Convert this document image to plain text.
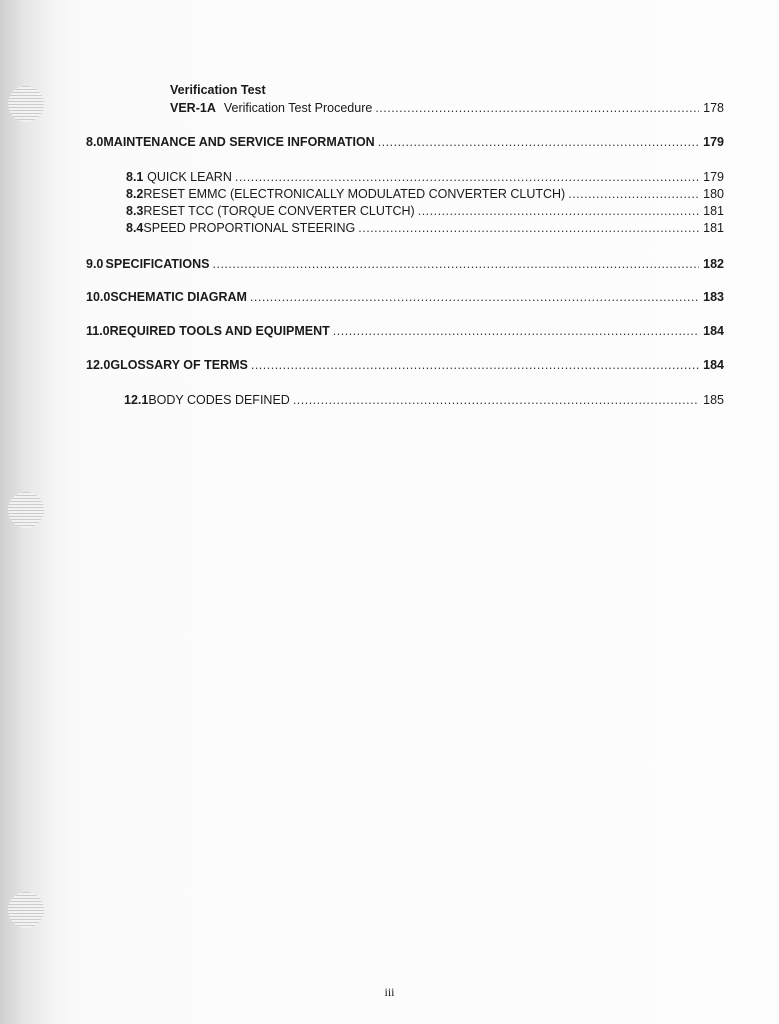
Verification Test
VER-1A Verification Test Procedure .....	178
8.0 MAINTENANCE AND SERVICE INFORMATION .....	179
8.1 QUICK LEARN .....	179
8.2 RESET EMMC (ELECTRONICALLY MODULATED CONVERTER CLUTCH) .....	180
8.3 RESET TCC (TORQUE CONVERTER CLUTCH) .....	181
8.4 SPEED PROPORTIONAL STEERING .....	181
9.0 SPECIFICATIONS .....	182
10.0 SCHEMATIC DIAGRAM .....	183
11.0 REQUIRED TOOLS AND EQUIPMENT .....	184
12.0 GLOSSARY OF TERMS .....	184
12.1 BODY CODES DEFINED .....	185
iii
